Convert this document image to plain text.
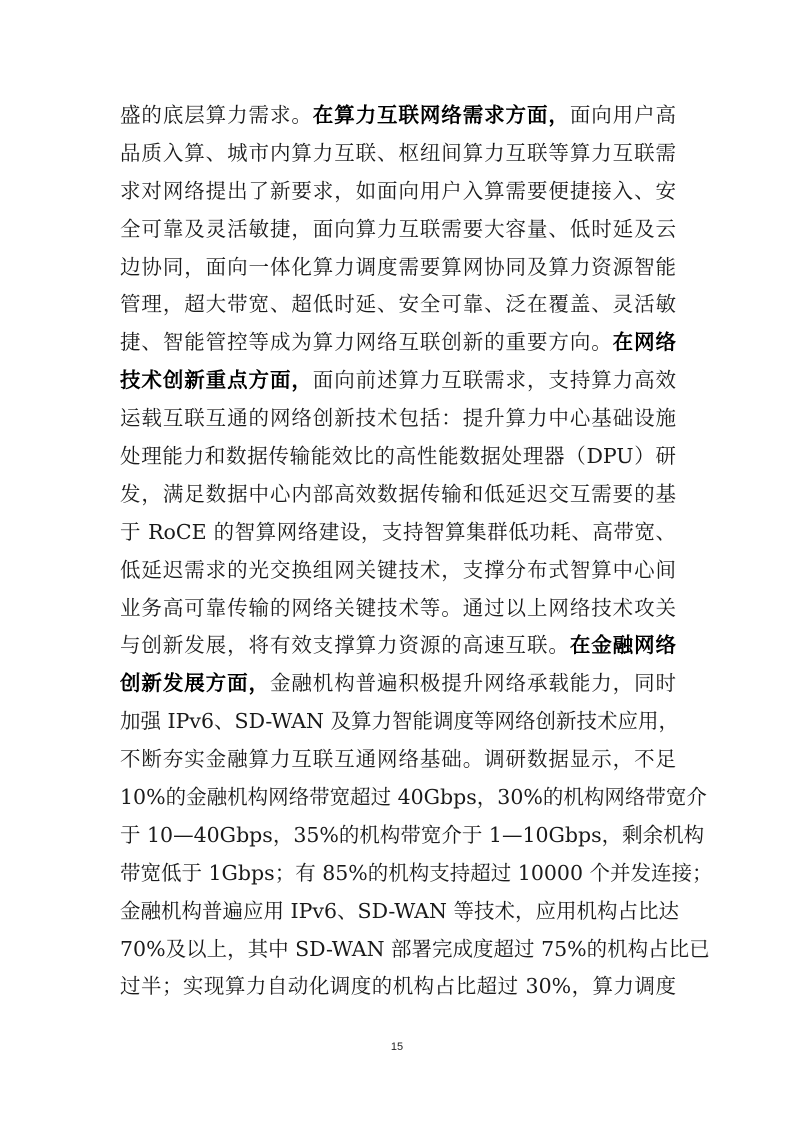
盛的底层算力需求。在算力互联网络需求方面，面向用户高
品质入算、城市内算力互联、枢纽间算力互联等算力互联需
求对网络提出了新要求，如面向用户入算需要便捷接入、安
全可靠及灵活敏捷，面向算力互联需要大容量、低时延及云
边协同，面向一体化算力调度需要算网协同及算力资源智能
管理，超大带宽、超低时延、安全可靠、泛在覆盖、灵活敏
捷、智能管控等成为算力网络互联创新的重要方向。在网络
技术创新重点方面，面向前述算力互联需求，支持算力高效
运载互联互通的网络创新技术包括：提升算力中心基础设施
处理能力和数据传输能效比的高性能数据处理器（DPU）研
发，满足数据中心内部高效数据传输和低延迟交互需要的基
于 RoCE 的智算网络建设，支持智算集群低功耗、高带宽、
低延迟需求的光交换组网关键技术，支撑分布式智算中心间
业务高可靠传输的网络关键技术等。通过以上网络技术攻关
与创新发展，将有效支撑算力资源的高速互联。在金融网络
创新发展方面，金融机构普遍积极提升网络承载能力，同时
加强 IPv6、SD-WAN 及算力智能调度等网络创新技术应用，
不断夯实金融算力互联互通网络基础。调研数据显示，不足
10%的金融机构网络带宽超过 40Gbps，30%的机构网络带宽介
于 10—40Gbps，35%的机构带宽介于 1—10Gbps，剩余机构
带宽低于 1Gbps；有 85%的机构支持超过 10000 个并发连接；
金融机构普遍应用 IPv6、SD-WAN 等技术，应用机构占比达
70%及以上，其中 SD-WAN 部署完成度超过 75%的机构占比已
过半；实现算力自动化调度的机构占比超过 30%，算力调度
15
